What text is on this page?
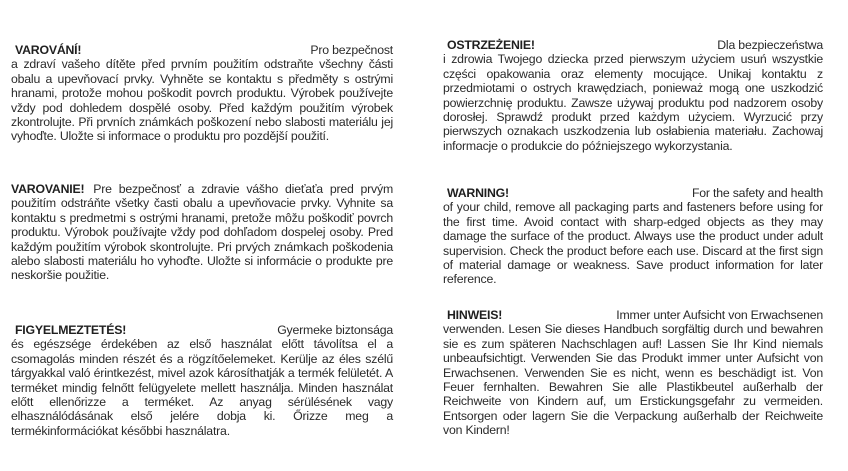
VAROVÁNÍ!	Pro bezpečnost
a zdraví vašeho dítěte před prvním použitím odstraňte všechny části obalu a upevňovací prvky. Vyhněte se kontaktu s předměty s ostrými hranami, protože mohou poškodit povrch produktu. Výrobek používejte vždy pod dohledem dospělé osoby. Před každým použitím výrobek zkontrolujte. Při prvních známkách poškození nebo slabosti materiálu jej vyhoďte. Uložte si informace o produktu pro pozdější použití.

VAROVANIE! Pre bezpečnosť a zdravie vášho dieťaťa pred prvým použitím odstráňte všetky časti obalu a upevňovacie prvky. Vyhnite sa kontaktu s predmetmi s ostrými hranami, pretože môžu poškodiť povrch produktu. Výrobok používajte vždy pod dohľadom dospelej osoby. Pred každým použitím výrobok skontrolujte. Pri prvých známkach poškodenia alebo slabosti materiálu ho vyhoďte. Uložte si informácie o produkte pre neskoršie použitie.

FIGYELMEZTETÉS!	Gyermeke biztonsága
és egészsége érdekében az első használat előtt távolítsa el a csomagolás minden részét és a rögzítőelemeket. Kerülje az éles szélű tárgyakkal való érintkezést, mivel azok károsíthatják a termék felületét. A terméket mindig felnőtt felügyelete mellett használja. Minden használat előtt ellenőrizze a terméket. Az anyag sérülésének vagy elhasználódásának első jelére dobja ki. Őrizze meg a termékinformációkat későbbi használatra.
OSTRZEŻENIE!	Dla bezpieczeństwa
i zdrowia Twojego dziecka przed pierwszym użyciem usuń wszystkie części opakowania oraz elementy mocujące. Unikaj kontaktu z przedmiotami o ostrych krawędziach, ponieważ mogą one uszkodzić powierzchnię produktu. Zawsze używaj produktu pod nadzorem osoby dorosłej. Sprawdź produkt przed każdym użyciem. Wyrzucić przy pierwszych oznakach uszkodzenia lub osłabienia materiału. Zachowaj informacje o produkcie do późniejszego wykorzystania.
WARNING!	For the safety and health
of your child, remove all packaging parts and fasteners before using for the first time. Avoid contact with sharp-edged objects as they may damage the surface of the product. Always use the product under adult supervision. Check the product before each use. Discard at the first sign of material damage or weakness. Save product information for later reference.
HINWEIS!	Immer unter Aufsicht von Erwachsenen
verwenden. Lesen Sie dieses Handbuch sorgfältig durch und bewahren sie es zum späteren Nachschlagen auf! Lassen Sie Ihr Kind niemals unbeaufsichtigt. Verwenden Sie das Produkt immer unter Aufsicht von Erwachsenen. Verwenden Sie es nicht, wenn es beschädigt ist. Von Feuer fernhalten. Bewahren Sie alle Plastikbeutel außerhalb der Reichweite von Kindern auf, um Erstickungsgefahr zu vermeiden. Entsorgen oder lagern Sie die Verpackung außerhalb der Reichweite von Kindern!
